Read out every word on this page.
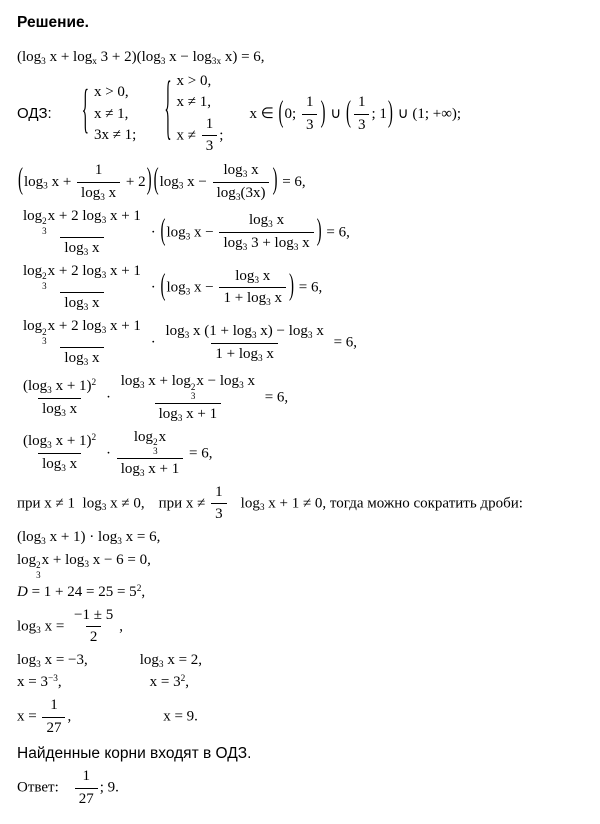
Решение.
(log3 x + logx 3 + 2)(log3 x − log3x x) = 6,
ОДЗ: { x > 0,
x ≠ 1,
3x ≠ 1; { x > 0,
x ≠ 1,
$x \ne \frac{1}{3}$ ;
x ∈ (0; $\frac{1}{3}$ ) ∪ ( $\frac{1}{3}$ ; 1) ∪ (1; +∞);
(log3 $x + \frac{1}{\log 3 x} + 2$) (log3 $x - \frac{\log 3 x}{\log 3(3x)}$ ) = 6,
log 2
3
x + 2 log3 x + 1
log3 x · (log3 $x - \frac{\log 3 x}{\log 3 3 + \log 3 x}$ ) = 6,
log 2
3
x + 2 log3 x + 1
log3 x · (log3 $x - \frac{\log 3 x}{1 + \log 3 x}$ ) = 6,
log 2
3
x + 2 log3 x + 1
log3 $x \cdot \frac{\log 3 x (1 + \log 3 x) - \log 3 x}{1 + \log 3 x} = 6$,
$\frac{(\log 3 x + 1)^2}{\log 3 x} \cdot \log 3$ x + log 2
3
x − log3 x
log3 x + 1 = 6,
$\frac{(\log 3 x + 1)^2}{\log 3 x} \cdot \log 2$
3
x
log3 x + 1 = 6,
при x ≠ 1  log3 x ≠ 0, при $x \ne \frac{1}{3} \log 3$ x + 1 ≠ 0, тогда можно сократить дроби:
(log3 x + 1) · log3 x = 6,
log 2
3
x + log3 x − 6 = 0,
$D = 1 + 24 = 25 = 5^2$,
log3 $x = \frac{-1 \pm 5}{2}$ ,
log3 x = −3,	log3 x = 2,
$x = 3^{-3}$,	$x = 3^2$,
$x = \frac{1}{27}$ ,	x = 9.
Найденные корни входят в ОДЗ.
Ответ: $\frac{1}{27}$ ; 9.
